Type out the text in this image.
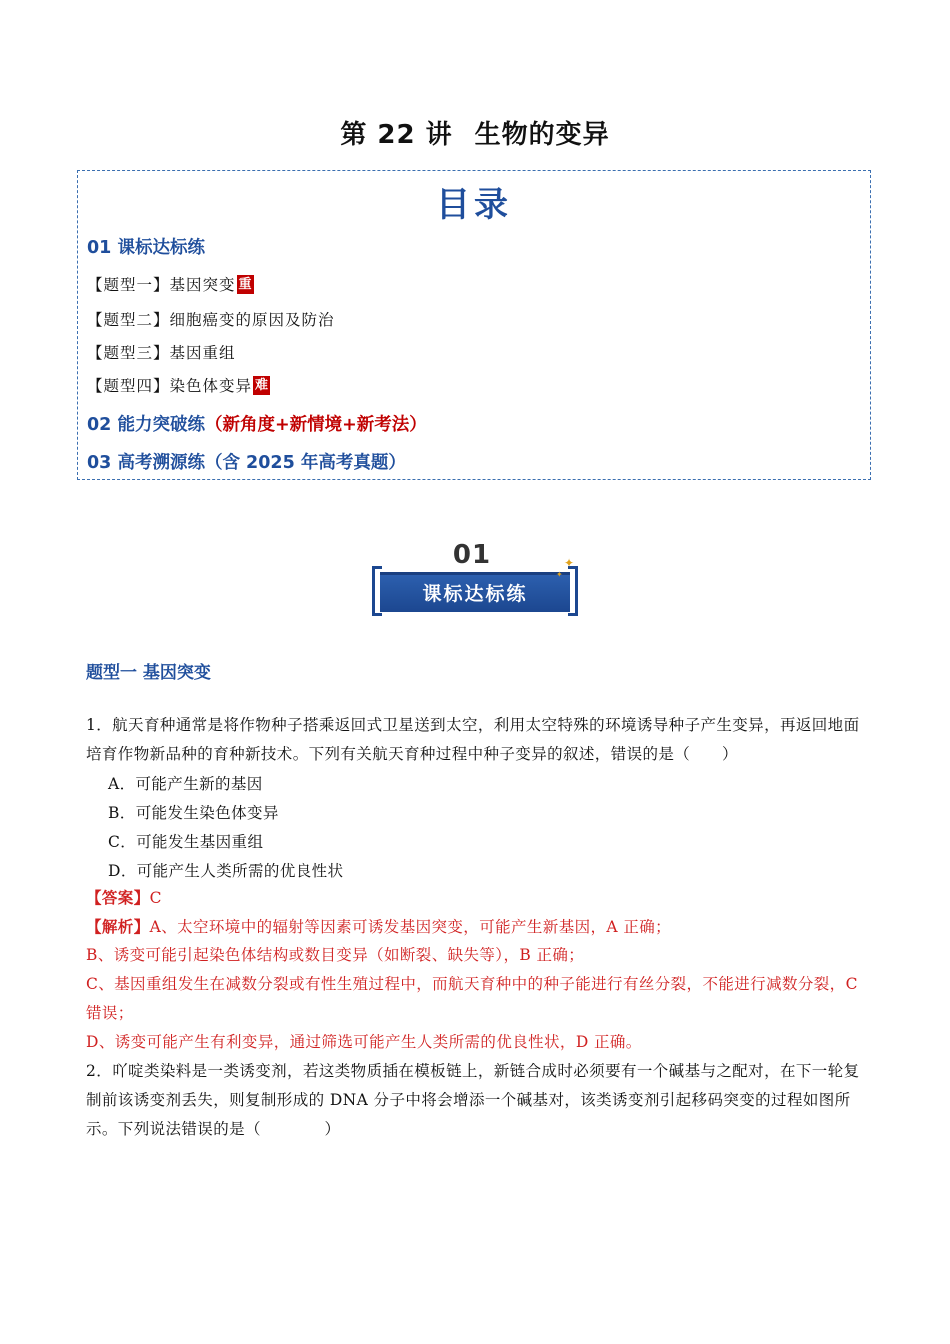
第 22 讲 生物的变异
目录
01 课标达标练
【题型一】基因突变 重
【题型二】细胞癌变的原因及防治
【题型三】基因重组
【题型四】染色体变异 难
02 能力突破练（新角度+新情境+新考法）
03 高考溯源练（含 2025 年高考真题）
01
课标达标练
✦
✦
题型一 基因突变
1．航天育种通常是将作物种子搭乘返回式卫星送到太空，利用太空特殊的环境诱导种子产生变异，再返回地面培育作物新品种的育种新技术。下列有关航天育种过程中种子变异的叙述，错误的是（　　）
A．可能产生新的基因
B．可能发生染色体变异
C．可能发生基因重组
D．可能产生人类所需的优良性状
【答案】C
【解析】A、太空环境中的辐射等因素可诱发基因突变，可能产生新基因，A 正确；
B、诱变可能引起染色体结构或数目变异（如断裂、缺失等），B 正确；
C、基因重组发生在减数分裂或有性生殖过程中，而航天育种中的种子能进行有丝分裂，不能进行减数分裂，C 错误；
D、诱变可能产生有利变异，通过筛选可能产生人类所需的优良性状，D 正确。
2．吖啶类染料是一类诱变剂，若这类物质插在模板链上，新链合成时必须要有一个碱基与之配对，在下一轮复制前该诱变剂丢失，则复制形成的 DNA 分子中将会增添一个碱基对，该类诱变剂引起移码突变的过程如图所示。下列说法错误的是（　　　　）
